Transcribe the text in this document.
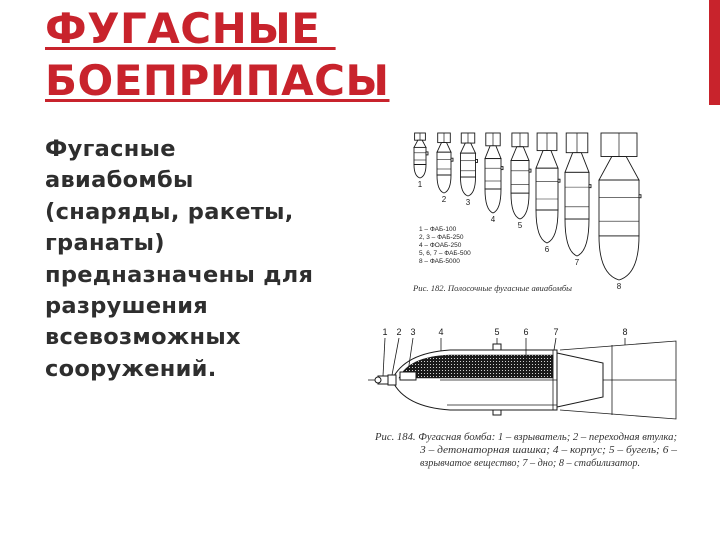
ФУГАСНЫЕ
БОЕПРИПАСЫ
Фугасные
авиабомбы
(снаряды, ракеты,
гранаты)
предназначены для
разрушения
всевозможных
сооружений.
1
2 3
4
5
6
7
8
1 – ФАБ-100
2, 3 – ФАБ-250
4 – ФОАБ-250
5, 6, 7 – ФАБ-500
8 – ФАБ-5000
Рис. 182. Полосочные фугасные авиабомбы
1 2 3	4	5	6	7	8
Рис. 184. Фугасная бомба: 1 – взрыватель; 2 – переходная втулка;
3 – детонаторная шашка; 4 – корпус; 5 – бугель; 6 –
взрывчатое вещество; 7 – дно; 8 – стабилизатор.
